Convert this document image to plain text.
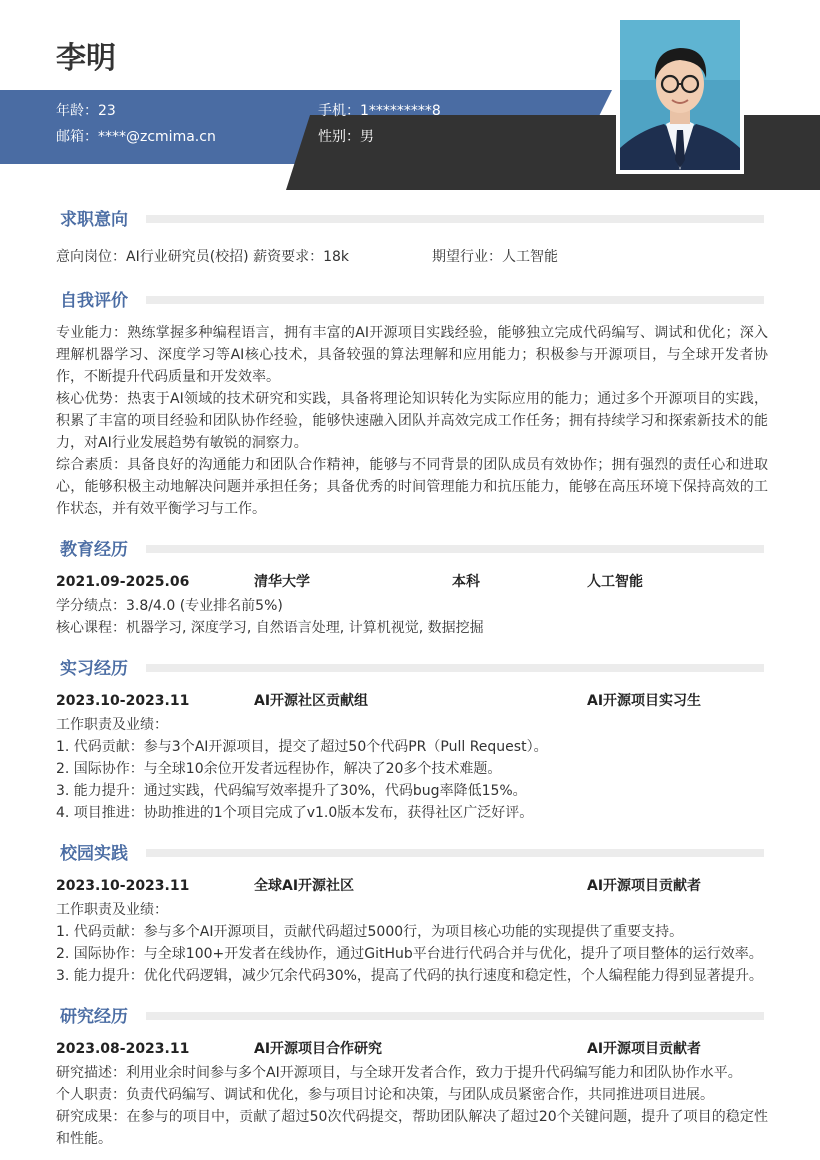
李明
年龄：23	手机：1*********8
邮箱：****@zcmima.cn	性别：男
求职意向
意向岗位：AI行业研究员(校招) 薪资要求：18k	期望行业：人工智能
自我评价
专业能力：熟练掌握多种编程语言，拥有丰富的AI开源项目实践经验，能够独立完成代码编写、调试和优化；深入理解机器学习、深度学习等AI核心技术，具备较强的算法理解和应用能力；积极参与开源项目，与全球开发者协作，不断提升代码质量和开发效率。
核心优势：热衷于AI领域的技术研究和实践，具备将理论知识转化为实际应用的能力；通过多个开源项目的实践，积累了丰富的项目经验和团队协作经验，能够快速融入团队并高效完成工作任务；拥有持续学习和探索新技术的能力，对AI行业发展趋势有敏锐的洞察力。
综合素质：具备良好的沟通能力和团队合作精神，能够与不同背景的团队成员有效协作；拥有强烈的责任心和进取心，能够积极主动地解决问题并承担任务；具备优秀的时间管理能力和抗压能力，能够在高压环境下保持高效的工作状态，并有效平衡学习与工作。
教育经历
2021.09-2025.06	清华大学	本科	人工智能
学分绩点：3.8/4.0 (专业排名前5%)
核心课程：机器学习, 深度学习, 自然语言处理, 计算机视觉, 数据挖掘
实习经历
2023.10-2023.11	AI开源社区贡献组	AI开源项目实习生
工作职责及业绩：
1. 代码贡献：参与3个AI开源项目，提交了超过50个代码PR（Pull Request）。
2. 国际协作：与全球10余位开发者远程协作，解决了20多个技术难题。
3. 能力提升：通过实践，代码编写效率提升了30%，代码bug率降低15%。
4. 项目推进：协助推进的1个项目完成了v1.0版本发布，获得社区广泛好评。
校园实践
2023.10-2023.11	全球AI开源社区	AI开源项目贡献者
工作职责及业绩：
1. 代码贡献：参与多个AI开源项目，贡献代码超过5000行，为项目核心功能的实现提供了重要支持。
2. 国际协作：与全球100+开发者在线协作，通过GitHub平台进行代码合并与优化，提升了项目整体的运行效率。
3. 能力提升：优化代码逻辑，减少冗余代码30%，提高了代码的执行速度和稳定性，个人编程能力得到显著提升。
研究经历
2023.08-2023.11	AI开源项目合作研究	AI开源项目贡献者
研究描述：利用业余时间参与多个AI开源项目，与全球开发者合作，致力于提升代码编写能力和团队协作水平。
个人职责：负责代码编写、调试和优化，参与项目讨论和决策，与团队成员紧密合作，共同推进项目进展。
研究成果：在参与的项目中，贡献了超过50次代码提交，帮助团队解决了超过20个关键问题，提升了项目的稳定性和性能。
